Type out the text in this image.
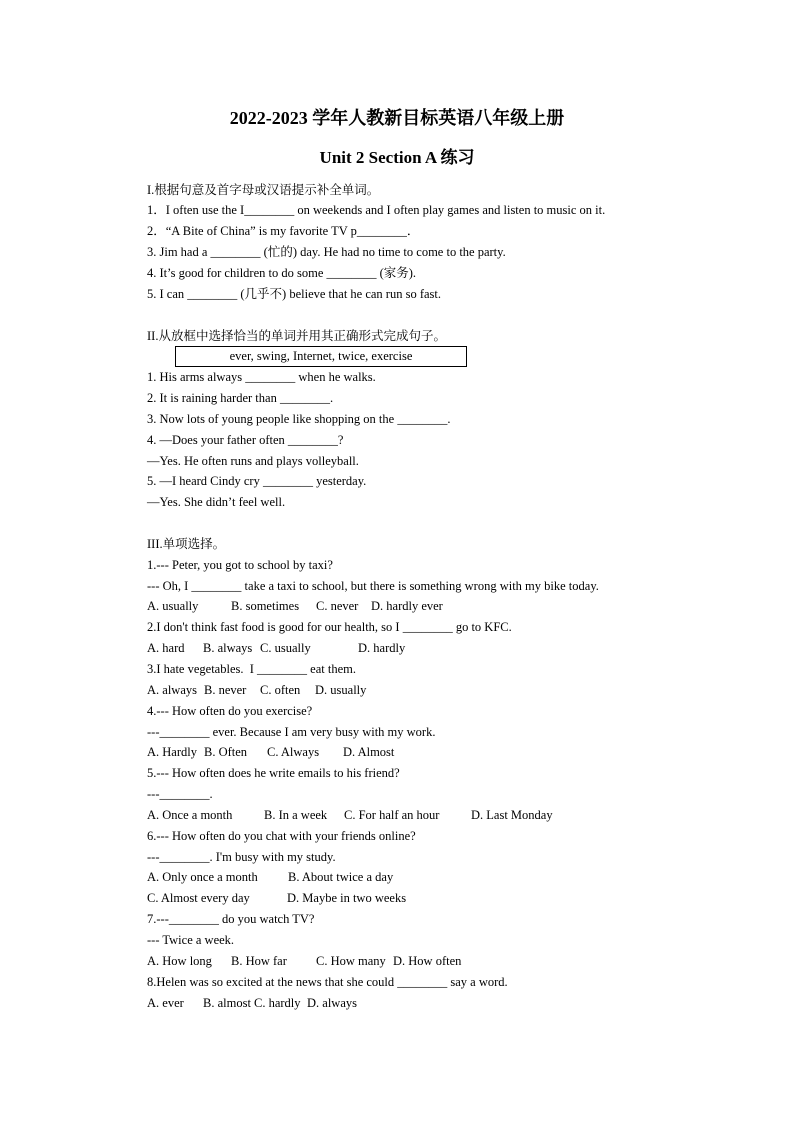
2022-2023 学年人教新目标英语八年级上册
Unit 2 Section A 练习
I.根据句意及首字母或汉语提示补全单词。
1．I often use the I________ on weekends and I often play games and listen to music on it.
2．“A Bite of China” is my favorite TV p________．
3. Jim had a ________ (忙的) day. He had no time to come to the party.
4. It’s good for children to do some ________ (家务).
5. I can ________ (几乎不) believe that he can run so fast.
II.从放框中选择恰当的单词并用其正确形式完成句子。
ever, swing, Internet, twice, exercise
1. His arms always ________ when he walks.
2. It is raining harder than ________.
3. Now lots of young people like shopping on the ________.
4. —Does your father often ________?
—Yes. He often runs and plays volleyball.
5. —I heard Cindy cry ________ yesterday.
—Yes. She didn’t feel well.
III.单项选择。
1.--- Peter, you got to school by taxi?
--- Oh, I ________ take a taxi to school, but there is something wrong with my bike today.

A. usually

	B. sometimes

C. never

D. hardly ever

2.I don't think fast food is good for our health, so I ________ go to KFC.

A. hard

B. always

C. usually

	D. hardly

3.I hate vegetables.  I ________ eat them.

A. always

B. never

C. often

D. usually

4.--- How often do you exercise?
---________ ever. Because I am very busy with my work.

A. Hardly

B. Often

C. Always

D. Almost

5.--- How often does he write emails to his friend?
---________.

A. Once a month

	B. In a week

C. For half an hour

	D. Last Monday

6.--- How often do you chat with your friends online?
---________. I'm busy with my study.

A. Only once a month

B. About twice a day

C. Almost every day

	D. Maybe in two weeks

7.---________ do you watch TV?
--- Twice a week.

A. How long

B. How far

C. How many

D. How often

8.Helen was so excited at the news that she could ________ say a word.

A. ever

B. almost

C. hardly

D. always
